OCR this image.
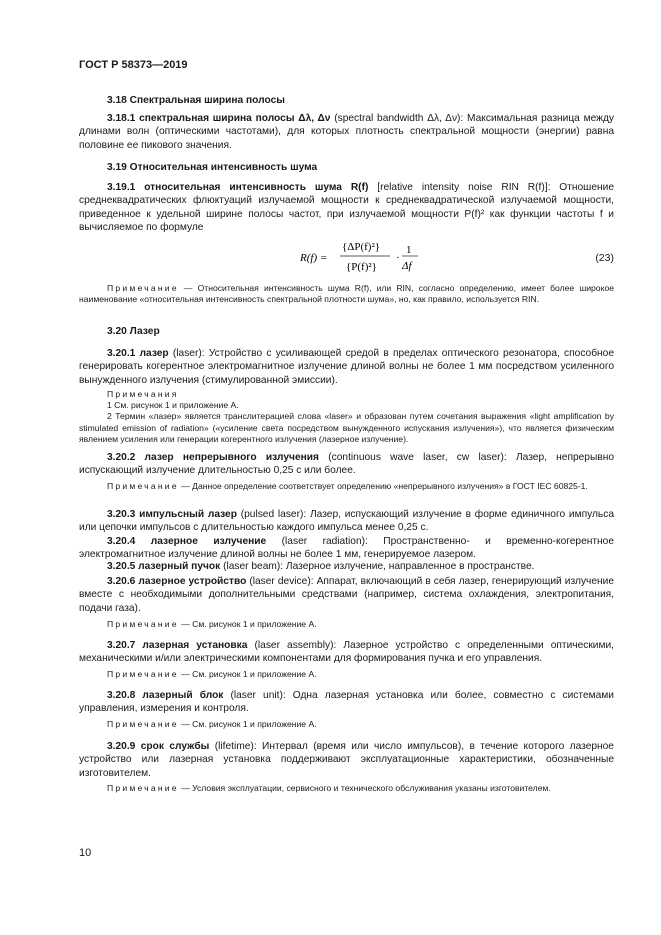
ГОСТ Р 58373—2019
3.18 Спектральная ширина полосы
3.18.1 спектральная ширина полосы Δλ, Δν (spectral bandwidth Δλ, Δν): Максимальная разница между длинами волн (оптическими частотами), для которых плотность спектральной мощности (энергии) равна половине ее пикового значения.
3.19 Относительная интенсивность шума
3.19.1 относительная интенсивность шума R(f) [relative intensity noise RIN R(f)]: Отношение среднеквадратических флюктуаций излучаемой мощности к среднеквадратической излучаемой мощности, приведенное к удельной ширине полосы частот, при излучаемой мощности P(f)² как функции частоты f и вычисляемое по формуле
Примечание — Относительная интенсивность шума R(f), или RIN, согласно определению, имеет более широкое наименование «относительная интенсивность спектральной плотности шума», но, как правило, используется RIN.
3.20 Лазер
3.20.1 лазер (laser): Устройство с усиливающей средой в пределах оптического резонатора, способное генерировать когерентное электромагнитное излучение длиной волны не более 1 мм посредством усиленного вынужденного излучения (стимулированной эмиссии).
Примечания
1 См. рисунок 1 и приложение А.
2 Термин «лазер» является транслитерацией слова «laser» и образован путем сочетания выражения «light amplification by stimulated emission of radiation» («усиление света посредством вынужденного испускания излучения»), что является физическим явлением усиления или генерации когерентного излучения (лазерное излучение).
3.20.2 лазер непрерывного излучения (continuous wave laser, cw laser): Лазер, непрерывно испускающий излучение длительностью 0,25 с или более.
Примечание — Данное определение соответствует определению «непрерывного излучения» в ГОСТ IEC 60825-1.
3.20.3 импульсный лазер (pulsed laser): Лазер, испускающий излучение в форме единичного импульса или цепочки импульсов с длительностью каждого импульса менее 0,25 с.
3.20.4 лазерное излучение (laser radiation): Пространственно- и временно-когерентное электромагнитное излучение длиной волны не более 1 мм, генерируемое лазером.
3.20.5 лазерный пучок (laser beam): Лазерное излучение, направленное в пространстве.
3.20.6 лазерное устройство (laser device): Аппарат, включающий в себя лазер, генерирующий излучение вместе с необходимыми дополнительными средствами (например, система охлаждения, электропитания, подачи газа).
Примечание — См. рисунок 1 и приложение А.
3.20.7 лазерная установка (laser assembly): Лазерное устройство с определенными оптическими, механическими и/или электрическими компонентами для формирования пучка и его управления.
Примечание — См. рисунок 1 и приложение А.
3.20.8 лазерный блок (laser unit): Одна лазерная установка или более, совместно с системами управления, измерения и контроля.
Примечание — См. рисунок 1 и приложение А.
3.20.9 срок службы (lifetime): Интервал (время или число импульсов), в течение которого лазерное устройство или лазерная установка поддерживают эксплуатационные характеристики, обозначенные изготовителем.
Примечание — Условия эксплуатации, сервисного и технического обслуживания указаны изготовителем.
R(f) =
{ΔP(f)²}
{P(f)²}
·
1
Δf
(23)
10
